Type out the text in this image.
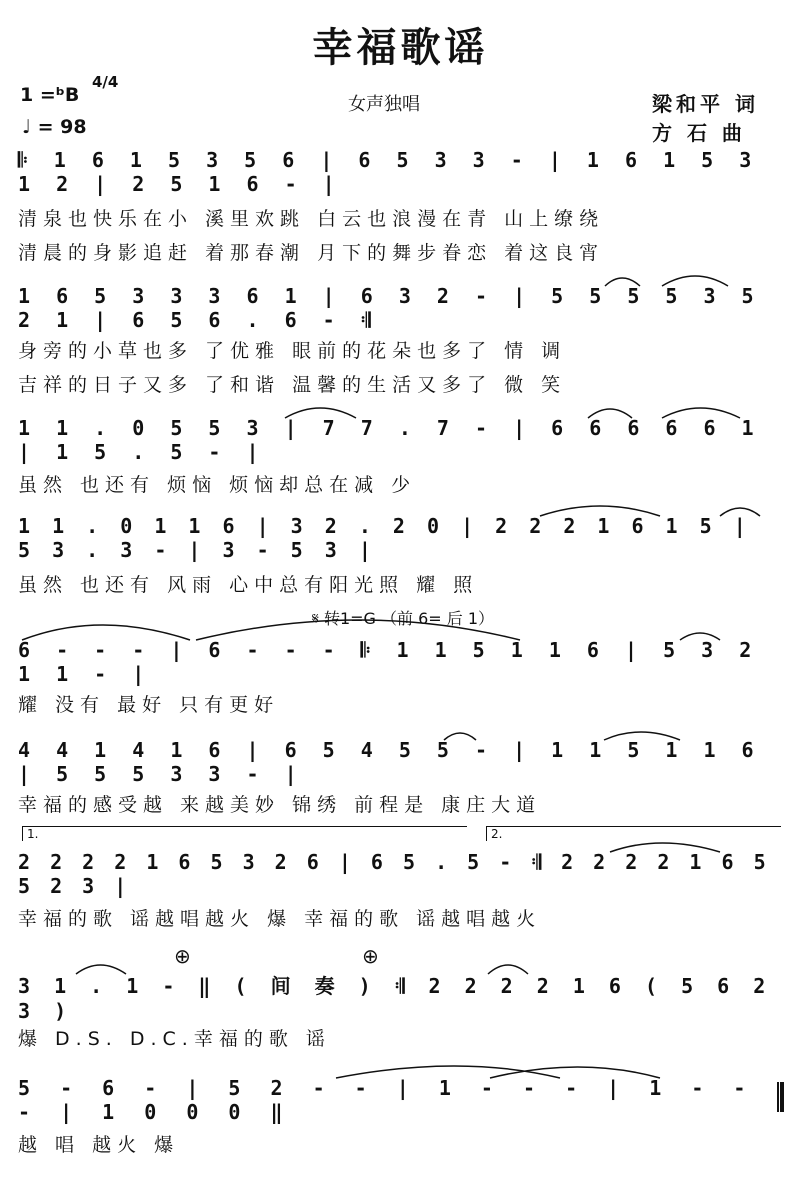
幸福歌谣
1 =ᵇB
4/4
♩ = 98
女声独唱	梁和平 词
方 石 曲
𝄆 1 6 1 5 3 5 6 | 6 5 3 3 - | 1 6 1 5 3 1 2 | 2 5 1 6 - |
清泉也快乐在小 溪里欢跳 白云也浪漫在青 山上缭绕
清晨的身影追赶 着那春潮 月下的舞步眷恋 着这良宵
1 6 5 3 3 3 6 1 | 6 3 2 - | 5 5 5 5 3 5 2 1 | 6 5 6 . 6 - 𝄇
身旁的小草也多 了优雅 眼前的花朵也多了 情 调
吉祥的日子又多 了和谐 温馨的生活又多了 微 笑
1 1 . 0 5 5 3 | 7 7 . 7 - | 6 6 6 6 6 1 | 1 5 . 5 - |
虽然 也还有 烦恼 烦恼却总在减 少
1 1 . 0 1 1 6 | 3 2 . 2 0 | 2 2 2 1 6 1 5 | 5 3 . 3 - | 3 - 5 3 |
虽然 也还有 风雨 心中总有阳光照 耀 照
𝄋 转1=G （前 6= 后 1）
6 - - - | 6 - - - 𝄆 1 1 5 1 1 6 | 5 3 2 1 1 - |
耀 没有 最好 只有更好
4 4 1 4 1 6 | 6 5 4 5 5 - | 1 1 5 1 1 6 | 5 5 5 3 3 - |
幸福的感受越 来越美妙 锦绣 前程是 康庄大道
1.	2.
2 2 2 2 1 6 5 3 2 6 | 6 5 . 5 - 𝄇 2 2 2 2 1 6 5 5 2 3 |
幸福的歌 谣越唱越火 爆 幸福的歌 谣越唱越火
⊕	⊕
3 1 . 1 - ‖ ( 间 奏 ) 𝄇 2 2 2 2 1 6 ( 5 6 2 3 )
爆 D.S. D.C.幸福的歌 谣
5 - 6 - | 5 2 - - | 1 - - - | 1 - - - | 1 0 0 0 ‖
越 唱 越火 爆
